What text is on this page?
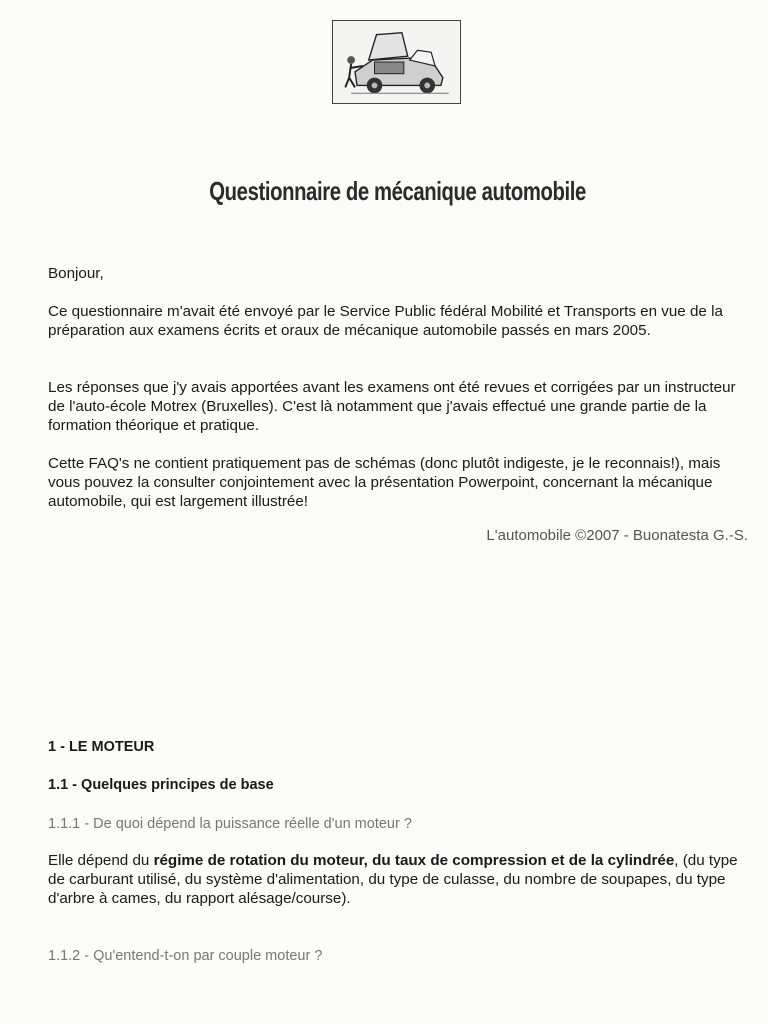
Questionnaire de mécanique automobile

Bonjour,

Ce questionnaire m'avait été envoyé par le Service Public fédéral Mobilité et Transports en vue de la préparation aux examens écrits et oraux de mécanique automobile passés en mars 2005.

Les réponses que j'y avais apportées avant les examens ont été revues et corrigées par un instructeur de l'auto-école Motrex (Bruxelles). C'est là notamment que j'avais effectué une grande partie de la formation théorique et pratique.

Cette FAQ's ne contient pratiquement pas de schémas (donc plutôt indigeste, je le reconnais!), mais vous pouvez la consulter conjointement avec la présentation Powerpoint, concernant la mécanique automobile, qui est largement illustrée!

L'automobile ©2007 - Buonatesta G.-S.
1 - LE MOTEUR
1.1 - Quelques principes de base
1.1.1 - De quoi dépend la puissance réelle d'un moteur ?

Elle dépend du régime de rotation du moteur, du taux de compression et de la cylindrée, (du type de carburant utilisé, du système d'alimentation, du type de culasse, du nombre de soupapes, du type d'arbre à cames, du rapport alésage/course).

1.1.2 - Qu'entend-t-on par couple moteur ?
